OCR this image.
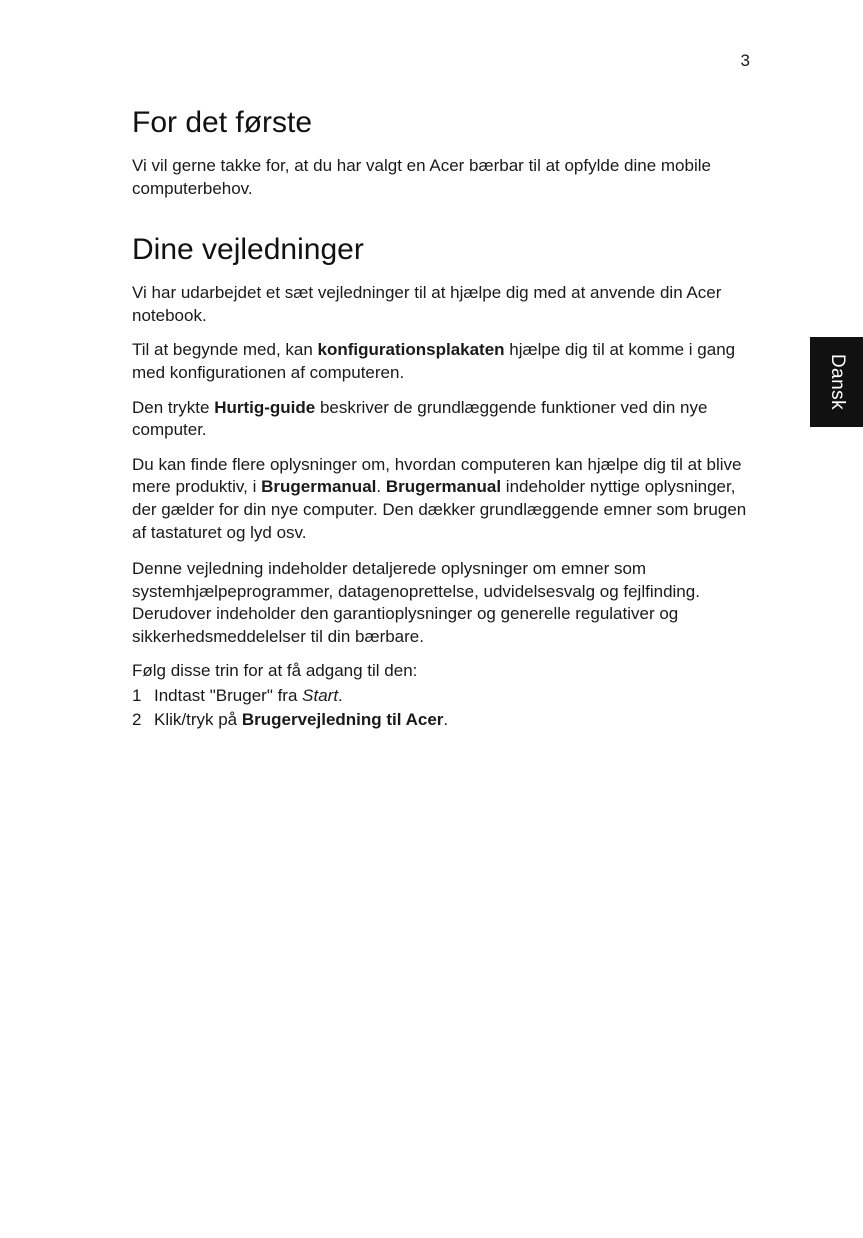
3
Dansk
For det første

Vi vil gerne takke for, at du har valgt en Acer bærbar til at opfylde dine mobile computerbehov.

Dine vejledninger

Vi har udarbejdet et sæt vejledninger til at hjælpe dig med at anvende din Acer notebook.

Til at begynde med, kan konfigurationsplakaten hjælpe dig til at komme i gang med konfigurationen af computeren.

Den trykte Hurtig-guide beskriver de grundlæggende funktioner ved din nye computer.

Du kan finde flere oplysninger om, hvordan computeren kan hjælpe dig til at blive mere produktiv, i Brugermanual. Brugermanual indeholder nyttige oplysninger, der gælder for din nye computer. Den dækker grundlæggende emner som brugen af tastaturet og lyd osv.

Denne vejledning indeholder detaljerede oplysninger om emner som systemhjælpeprogrammer, datagenoprettelse, udvidelsesvalg og fejlfinding. Derudover indeholder den garantioplysninger og generelle regulativer og sikkerhedsmeddelelser til din bærbare.

Følg disse trin for at få adgang til den:

1 Indtast "Bruger" fra Start.
2 Klik/tryk på Brugervejledning til Acer.
